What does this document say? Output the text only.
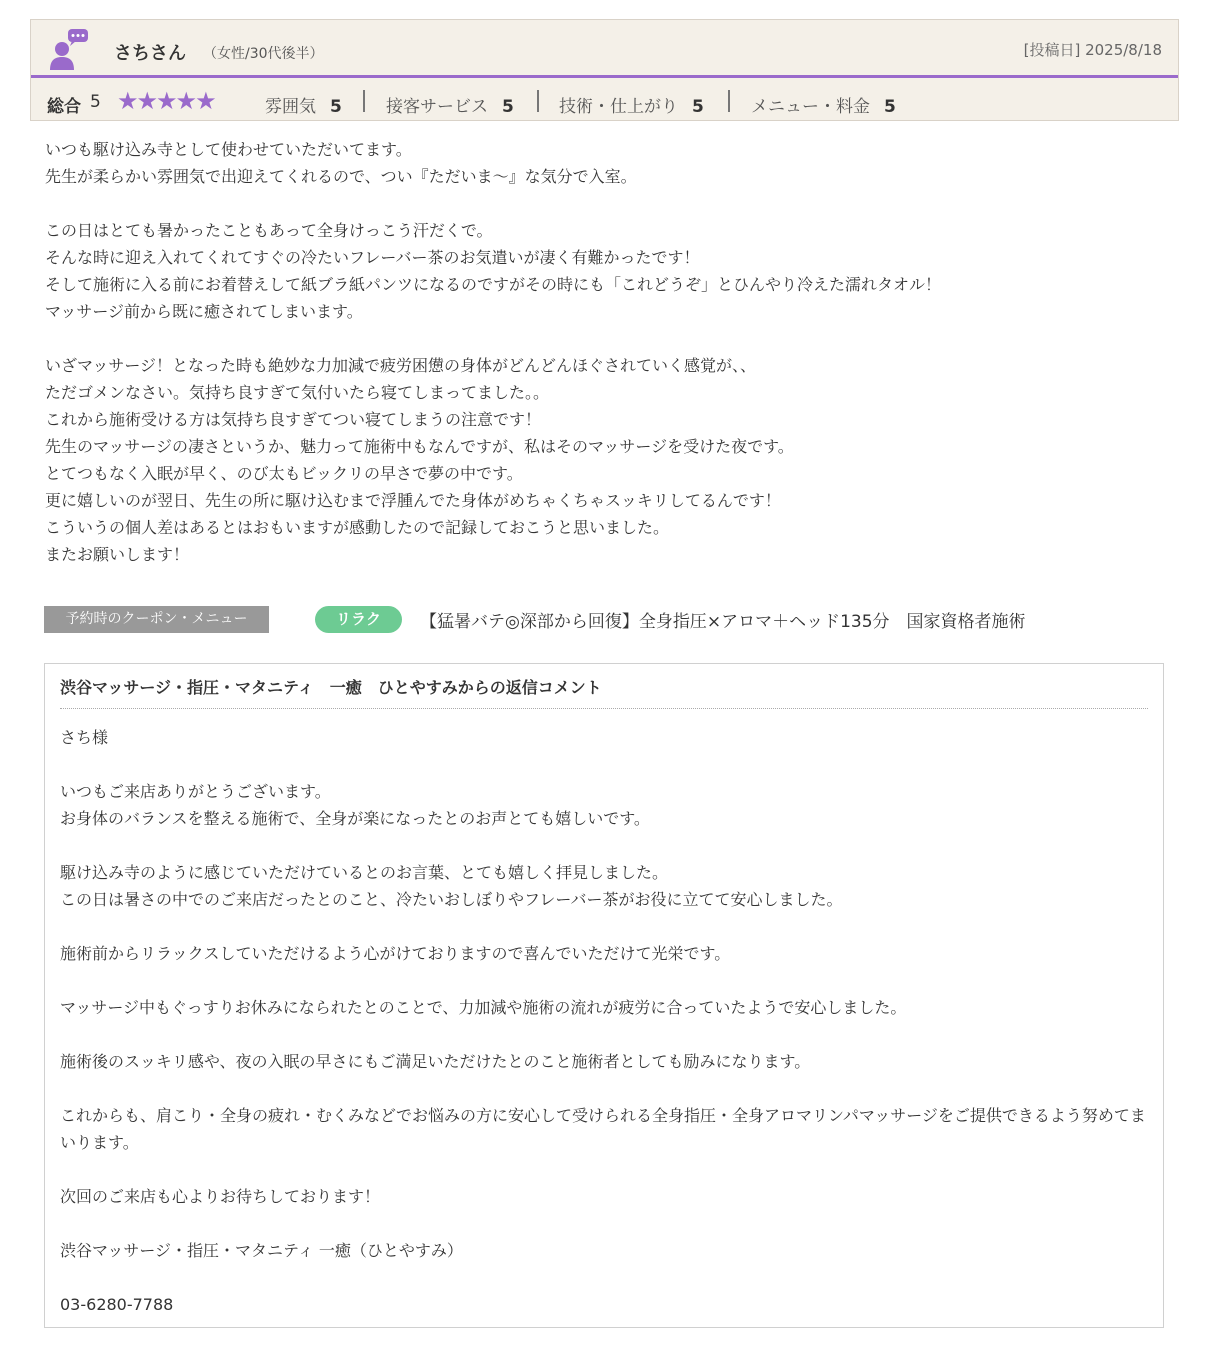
さちさん （女性/30代後半）	[投稿日] 2025/8/18
総合 5 ★★★★★	雰囲気 5	接客サービス 5	技術・仕上がり 5	メニュー・料金 5
いつも駆け込み寺として使わせていただいてます。
先生が柔らかい雰囲気で出迎えてくれるので、つい『ただいま〜』な気分で入室。

この日はとても暑かったこともあって全身けっこう汗だくで。
そんな時に迎え入れてくれてすぐの冷たいフレーバー茶のお気遣いが凄く有難かったです！
そして施術に入る前にお着替えして紙ブラ紙パンツになるのですがその時にも「これどうぞ」とひんやり冷えた濡れタオル！
マッサージ前から既に癒されてしまいます。

いざマッサージ！となった時も絶妙な力加減で疲労困憊の身体がどんどんほぐされていく感覚が、、
ただゴメンなさい。気持ち良すぎて気付いたら寝てしまってました。。
これから施術受ける方は気持ち良すぎてつい寝てしまうの注意です！
先生のマッサージの凄さというか、魅力って施術中もなんですが、私はそのマッサージを受けた夜です。
とてつもなく入眠が早く、のび太もビックリの早さで夢の中です。
更に嬉しいのが翌日、先生の所に駆け込むまで浮腫んでた身体がめちゃくちゃスッキリしてるんです！
こういうの個人差はあるとはおもいますが感動したので記録しておこうと思いました。
またお願いします！
予約時のクーポン・メニュー	リラク	【猛暑バテ◎深部から回復】全身指圧×アロマ＋ヘッド135分　国家資格者施術
渋谷マッサージ・指圧・マタニティ　一癒　ひとやすみからの返信コメント
さち様

いつもご来店ありがとうございます。
お身体のバランスを整える施術で、全身が楽になったとのお声とても嬉しいです。

駆け込み寺のように感じていただけているとのお言葉、とても嬉しく拝見しました。
この日は暑さの中でのご来店だったとのこと、冷たいおしぼりやフレーバー茶がお役に立てて安心しました。

施術前からリラックスしていただけるよう心がけておりますので喜んでいただけて光栄です。

マッサージ中もぐっすりお休みになられたとのことで、力加減や施術の流れが疲労に合っていたようで安心しました。

施術後のスッキリ感や、夜の入眠の早さにもご満足いただけたとのこと施術者としても励みになります。

これからも、肩こり・全身の疲れ・むくみなどでお悩みの方に安心して受けられる全身指圧・全身アロマリンパマッサージをご提供できるよう努めてまいります。

次回のご来店も心よりお待ちしております！

渋谷マッサージ・指圧・マタニティ 一癒（ひとやすみ）

03-6280-7788
